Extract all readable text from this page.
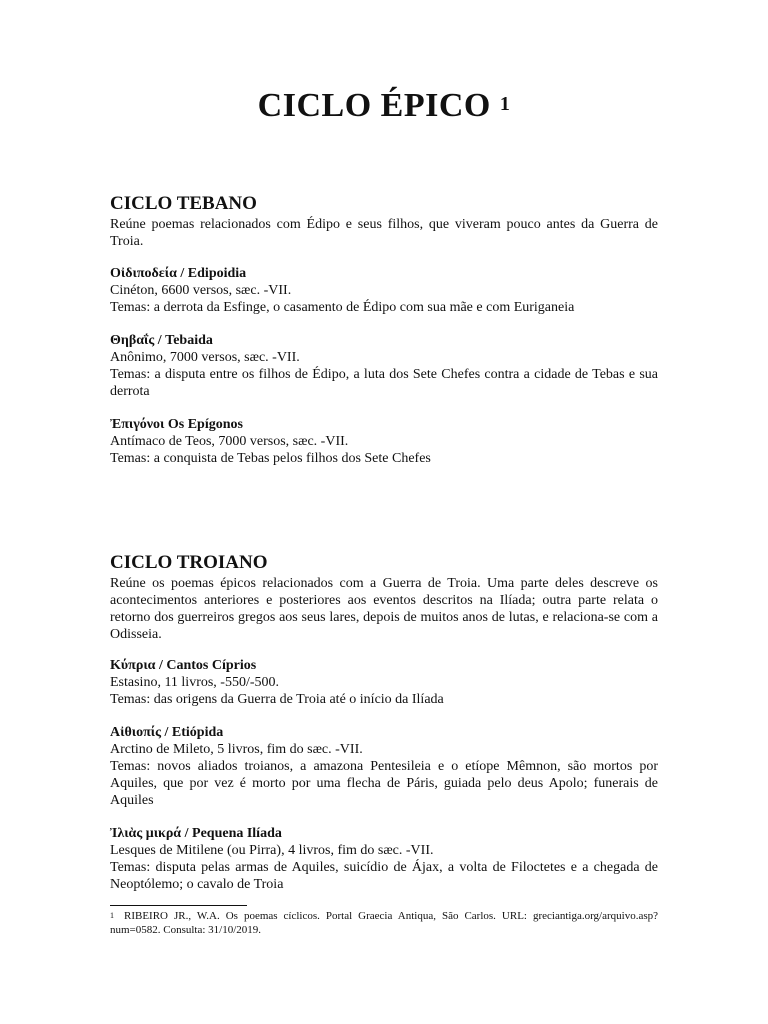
CICLO ÉPICO $^1$
CICLO TEBANO

Reúne poemas relacionados com Édipo e seus filhos, que viveram pouco antes da Guerra de Troia.

Οἰδιποδεία / Edipoidia

Cinéton, 6600 versos, sæc. -VII.

Temas: a derrota da Esfinge, o casamento de Édipo com sua mãe e com Euriganeia

Θηβαΐς / Tebaida

Anônimo, 7000 versos, sæc. -VII.

Temas: a disputa entre os filhos de Édipo, a luta dos Sete Chefes contra a cidade de Tebas e sua derrota

Ἐπιγόνοι Os Epígonos

Antímaco de Teos, 7000 versos, sæc. -VII.

Temas: a conquista de Tebas pelos filhos dos Sete Chefes

CICLO TROIANO

Reúne os poemas épicos relacionados com a Guerra de Troia. Uma parte deles descreve os acontecimentos anteriores e posteriores aos eventos descritos na Ilíada; outra parte relata o retorno dos guerreiros gregos aos seus lares, depois de muitos anos de lutas, e relaciona-se com a Odisseia.

Κύπρια / Cantos Cíprios

Estasino, 11 livros, -550/-500.

Temas: das origens da Guerra de Troia até o início da Ilíada

Αἰθιοπίς / Etiópida

Arctino de Mileto, 5 livros, fim do sæc. -VII.

Temas: novos aliados troianos, a amazona Pentesileia e o etíope Mêmnon, são mortos por Aquiles, que por vez é morto por uma flecha de Páris, guiada pelo deus Apolo; funerais de Aquiles

Ἰλιὰς μικρά / Pequena Ilíada

Lesques de Mitilene (ou Pirra), 4 livros, fim do sæc. -VII.

Temas: disputa pelas armas de Aquiles, suicídio de Ájax, a volta de Filoctetes e a chegada de Neoptólemo; o cavalo de Troia

$^1$ RIBEIRO JR., W.A. Os poemas cíclicos. Portal Graecia Antiqua, São Carlos. URL: greciantiga.org/arquivo.asp?num=0582. Consulta: 31/10/2019.
